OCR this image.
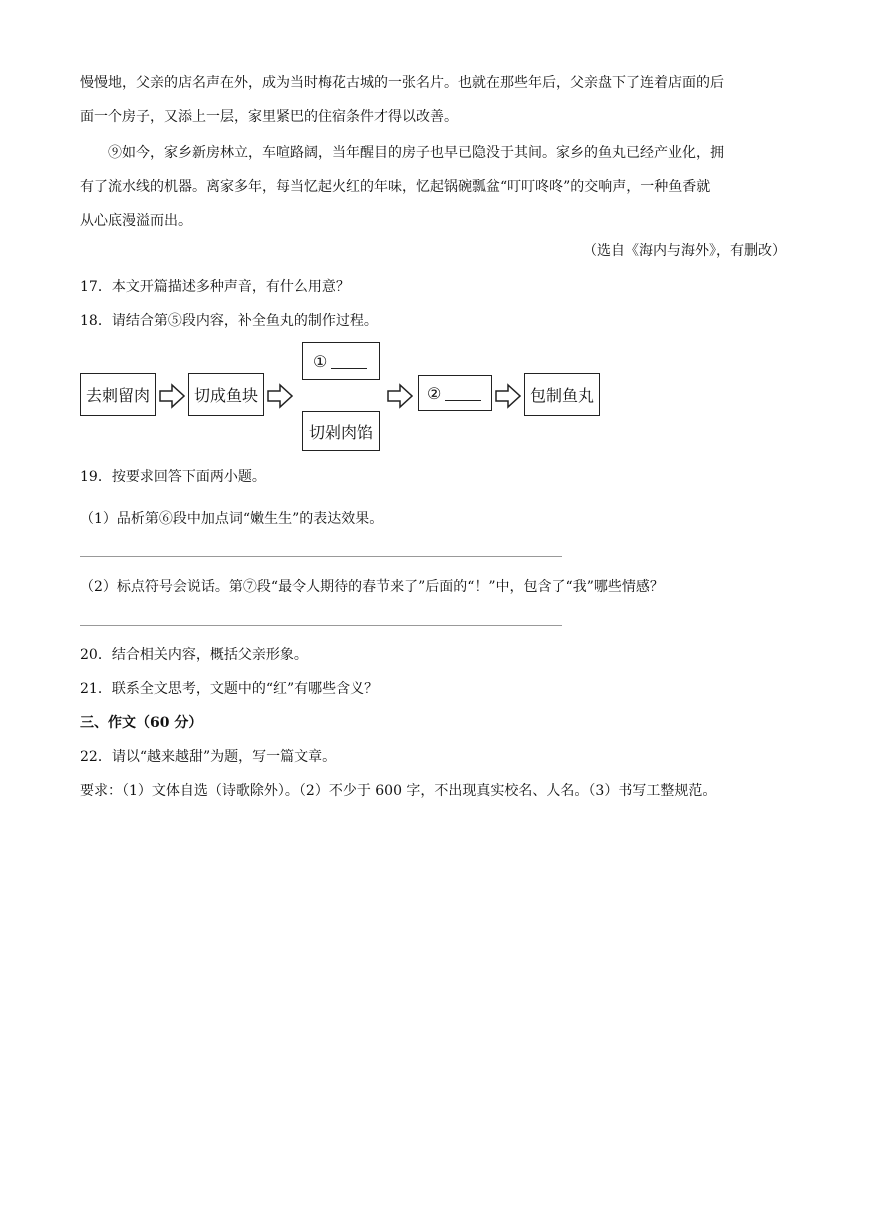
慢慢地，父亲的店名声在外，成为当时梅花古城的一张名片。也就在那些年后，父亲盘下了连着店面的后
面一个房子，又添上一层，家里紧巴的住宿条件才得以改善。
⑨如今，家乡新房林立，车喧路阔，当年醒目的房子也早已隐没于其间。家乡的鱼丸已经产业化，拥
有了流水线的机器。离家多年，每当忆起火红的年味，忆起锅碗瓢盆“叮叮咚咚”的交响声，一种鱼香就
从心底漫溢而出。
（选自《海内与海外》，有删改）
17．本文开篇描述多种声音，有什么用意？
18．请结合第⑤段内容，补全鱼丸的制作过程。
去刺留肉	切成鱼块
①
切剁肉馅
②	包制鱼丸
19．按要求回答下面两小题。
（1）品析第⑥段中加点词“嫩生生”的表达效果。
（2）标点符号会说话。第⑦段“最令人期待的春节来了”后面的“！”中，包含了“我”哪些情感？
20．结合相关内容，概括父亲形象。
21．联系全文思考，文题中的“红”有哪些含义？
三、作文（60 分）
22．请以“越来越甜”为题，写一篇文章。
要求：（1）文体自选（诗歌除外）。（2）不少于 600 字，不出现真实校名、人名。（3）书写工整规范。
